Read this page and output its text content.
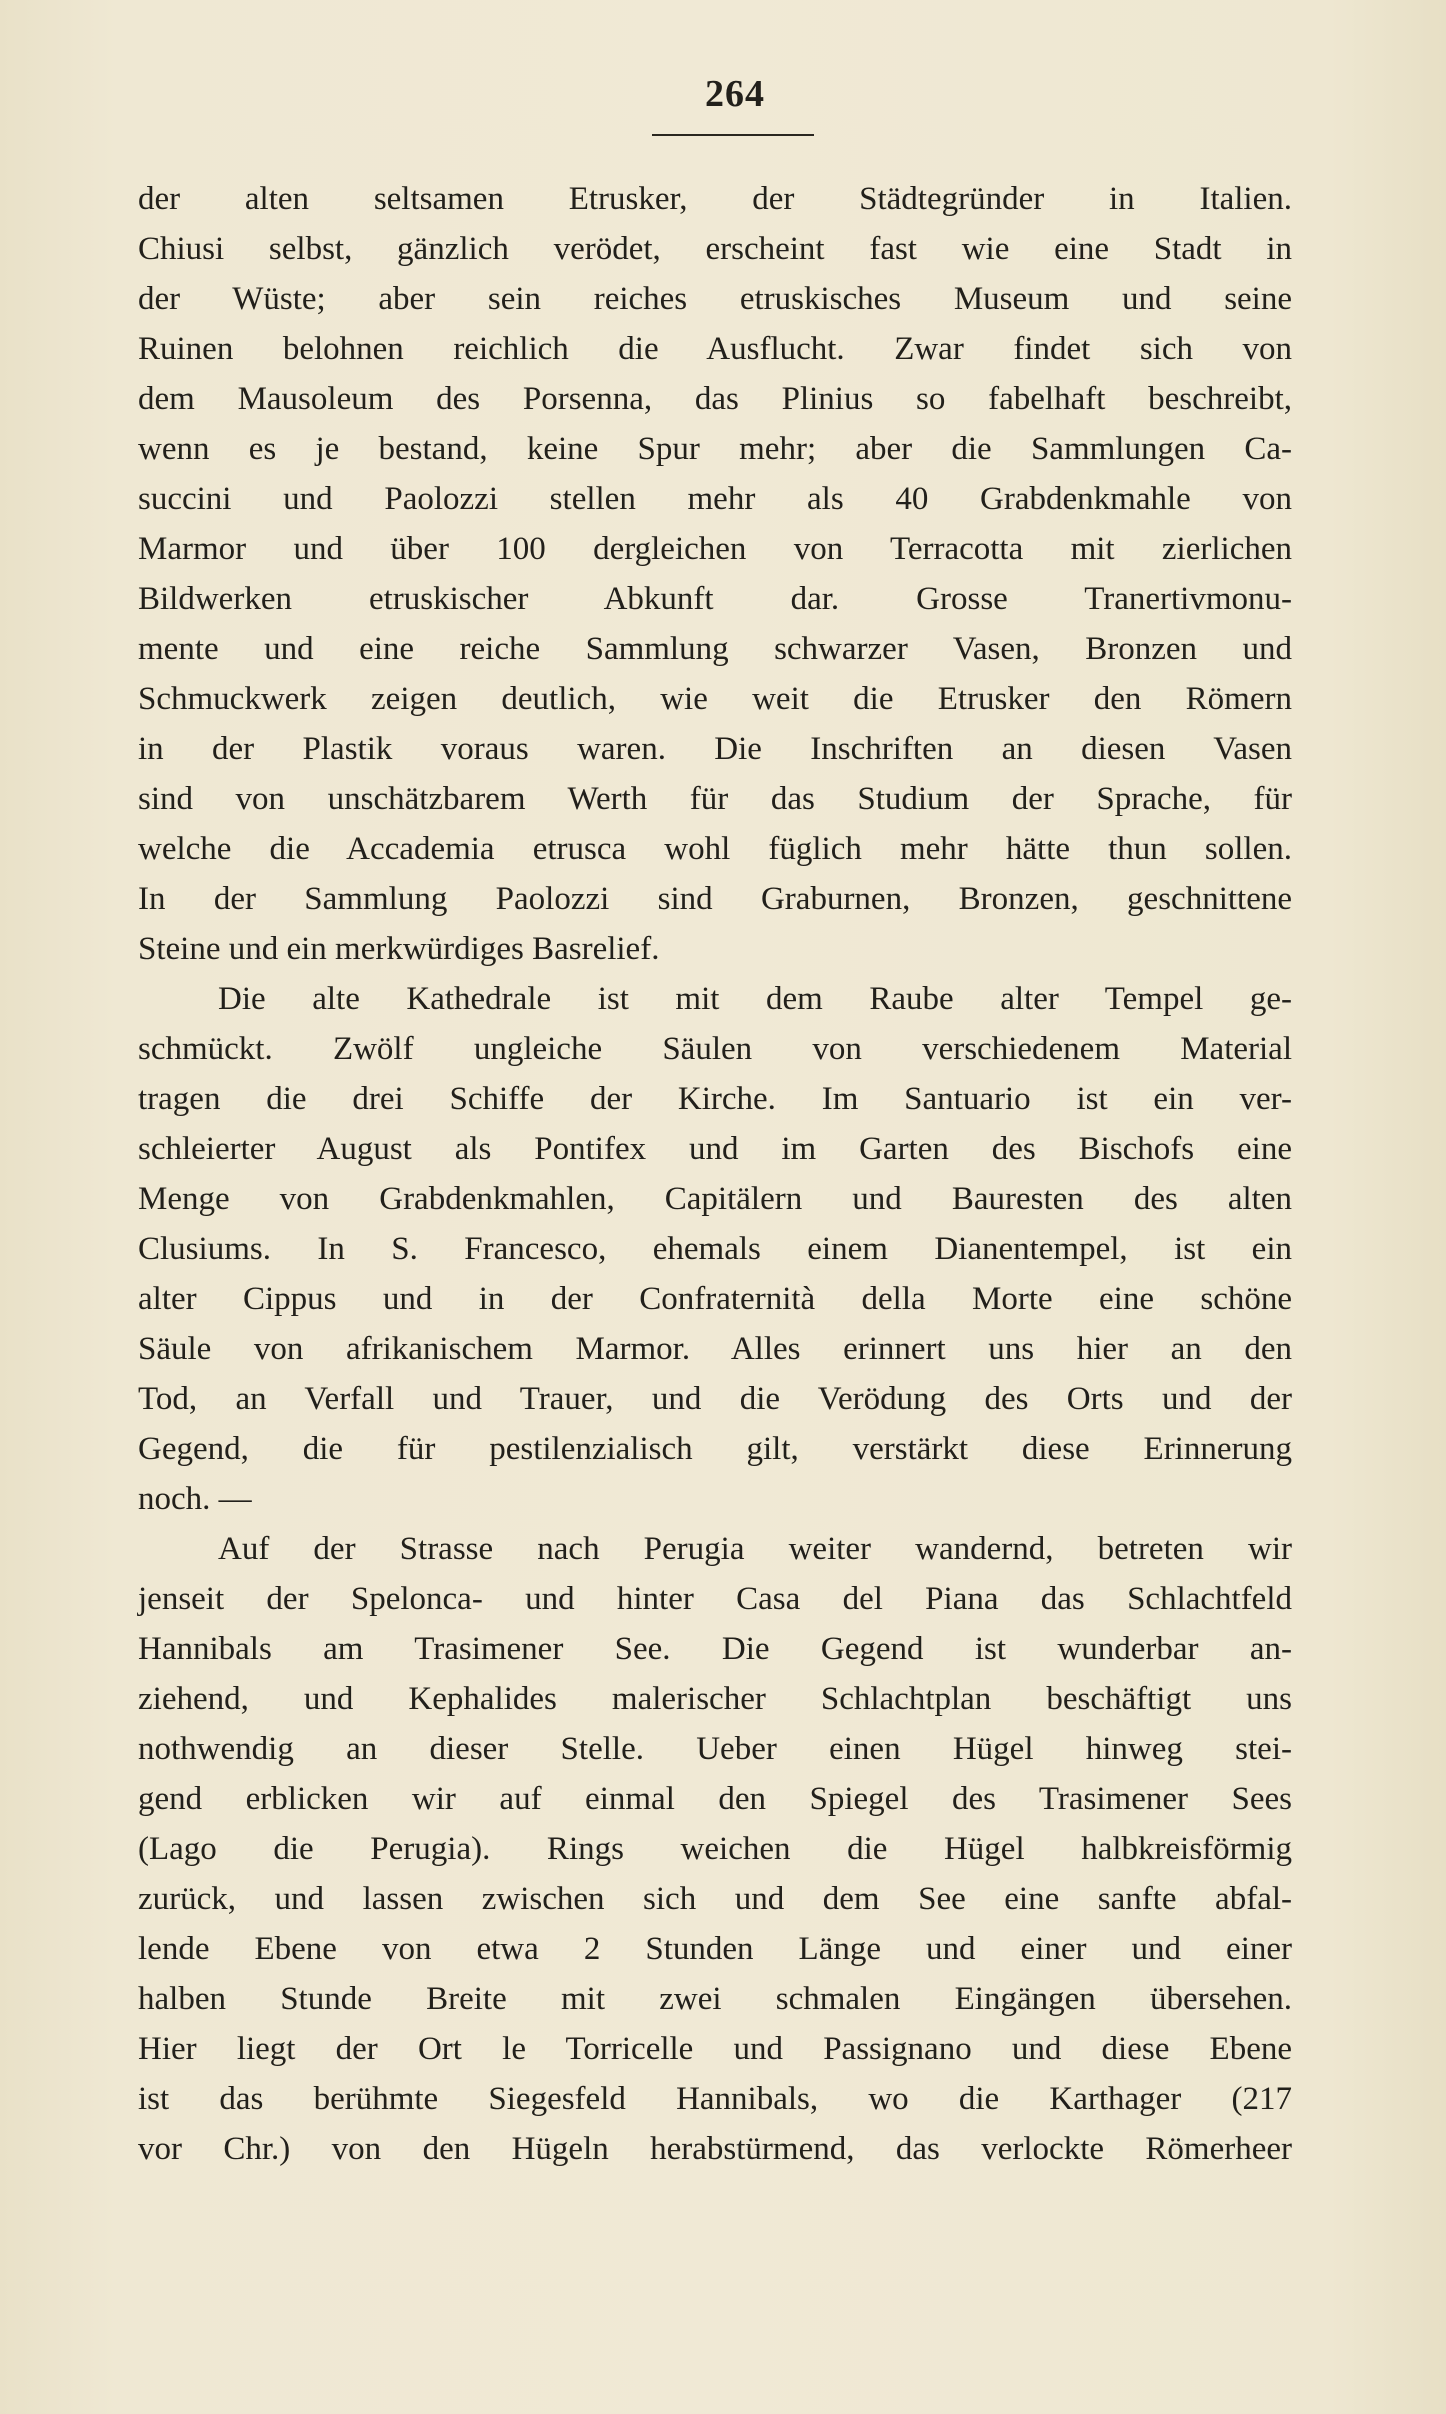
264
der alten seltsamen Etrusker, der Städtegründer in Italien.
Chiusi selbst, gänzlich verödet, erscheint fast wie eine Stadt in
der Wüste; aber sein reiches etruskisches Museum und seine
Ruinen belohnen reichlich die Ausflucht. Zwar findet sich von
dem Mausoleum des Porsenna, das Plinius so fabelhaft beschreibt,
wenn es je bestand, keine Spur mehr; aber die Sammlungen Ca-
succini und Paolozzi stellen mehr als 40 Grabdenkmahle von
Marmor und über 100 dergleichen von Terracotta mit zierlichen
Bildwerken etruskischer Abkunft dar. Grosse Tranertivmonu-
mente und eine reiche Sammlung schwarzer Vasen, Bronzen und
Schmuckwerk zeigen deutlich, wie weit die Etrusker den Römern
in der Plastik voraus waren. Die Inschriften an diesen Vasen
sind von unschätzbarem Werth für das Studium der Sprache, für
welche die Accademia etrusca wohl füglich mehr hätte thun sollen.
In der Sammlung Paolozzi sind Graburnen, Bronzen, geschnittene
Steine und ein merkwürdiges Basrelief.
Die alte Kathedrale ist mit dem Raube alter Tempel ge-
schmückt. Zwölf ungleiche Säulen von verschiedenem Material
tragen die drei Schiffe der Kirche. Im Santuario ist ein ver-
schleierter August als Pontifex und im Garten des Bischofs eine
Menge von Grabdenkmahlen, Capitälern und Bauresten des alten
Clusiums. In S. Francesco, ehemals einem Dianentempel, ist ein
alter Cippus und in der Confraternità della Morte eine schöne
Säule von afrikanischem Marmor. Alles erinnert uns hier an den
Tod, an Verfall und Trauer, und die Verödung des Orts und der
Gegend, die für pestilenzialisch gilt, verstärkt diese Erinnerung
noch. —
Auf der Strasse nach Perugia weiter wandernd, betreten wir
jenseit der Spelonca- und hinter Casa del Piana das Schlachtfeld
Hannibals am Trasimener See. Die Gegend ist wunderbar an-
ziehend, und Kephalides malerischer Schlachtplan beschäftigt uns
nothwendig an dieser Stelle. Ueber einen Hügel hinweg stei-
gend erblicken wir auf einmal den Spiegel des Trasimener Sees
(Lago die Perugia). Rings weichen die Hügel halbkreisförmig
zurück, und lassen zwischen sich und dem See eine sanfte abfal-
lende Ebene von etwa 2 Stunden Länge und einer und einer
halben Stunde Breite mit zwei schmalen Eingängen übersehen.
Hier liegt der Ort le Torricelle und Passignano und diese Ebene
ist das berühmte Siegesfeld Hannibals, wo die Karthager (217
vor Chr.) von den Hügeln herabstürmend, das verlockte Römerheer
